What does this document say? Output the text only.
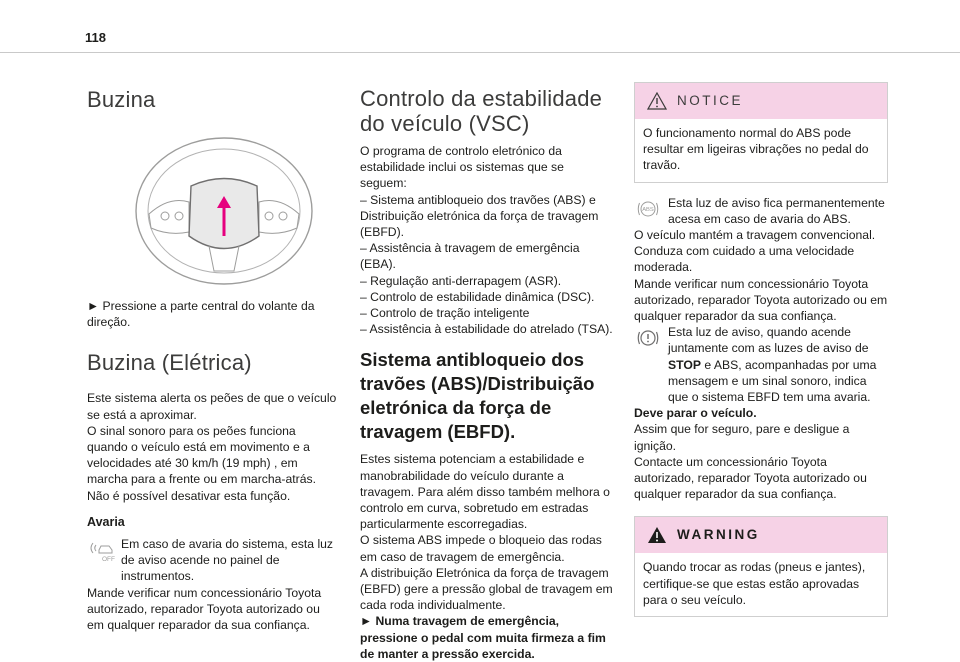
118
Buzina

► Pressione a parte central do volante da direção.

Buzina (Elétrica)

Este sistema alerta os peões de que o veículo se está a aproximar.

O sinal sonoro para os peões funciona quando o veículo está em movimento e a velocidades até 30 km/h (19 mph) , em marcha para a frente ou em marcha-atrás.

Não é possível desativar esta função.

Avaria
OFF

Em caso de avaria do sistema, esta luz de aviso acende no painel de instrumentos.

Mande verificar num concessionário Toyota autorizado, reparador Toyota autorizado ou em qualquer reparador da sua confiança.

Controlo da estabilidade do veículo (VSC)

O programa de controlo eletrónico da estabilidade inclui os sistemas que se seguem:

– Sistema antibloqueio dos travões (ABS) e Distribuição eletrónica da força de travagem (EBFD).

– Assistência à travagem de emergência (EBA).

– Regulação anti-derrapagem (ASR).

– Controlo de estabilidade dinâmica (DSC).

– Controlo de tração inteligente

– Assistência à estabilidade do atrelado (TSA).

Sistema antibloqueio dos travões (ABS)/Distribuição eletrónica da força de travagem (EBFD).

Estes sistema potenciam a estabilidade e manobrabilidade do veículo durante a travagem. Para além disso também melhora o controlo em curva, sobretudo em estradas particularmente escorregadias.

O sistema ABS impede o bloqueio das rodas em caso de travagem de emergência.

A distribuição Eletrónica da força de travagem (EBFD) gere a pressão global de travagem em cada roda individualmente.

► Numa travagem de emergência, pressione o pedal com muita firmeza a fim de manter a pressão exercida.

NOTICE

O funcionamento normal do ABS pode resultar em ligeiras vibrações no pedal do travão.

ABS

Esta luz de aviso fica permanentemente acesa em caso de avaria do ABS.

O veículo mantém a travagem convencional.

Conduza com cuidado a uma velocidade moderada.

Mande verificar num concessionário Toyota autorizado, reparador Toyota autorizado ou em qualquer reparador da sua confiança.

Esta luz de aviso, quando acende juntamente com as luzes de aviso de STOP e ABS, acompanhadas por uma mensagem e um sinal sonoro, indica que o sistema EBFD tem uma avaria.

Deve parar o veículo.

Assim que for seguro, pare e desligue a ignição.

Contacte um concessionário Toyota autorizado, reparador Toyota autorizado ou qualquer reparador da sua confiança.

WARNING

Quando trocar as rodas (pneus e jantes), certifique-se que estas estão aprovadas para o seu veículo.
